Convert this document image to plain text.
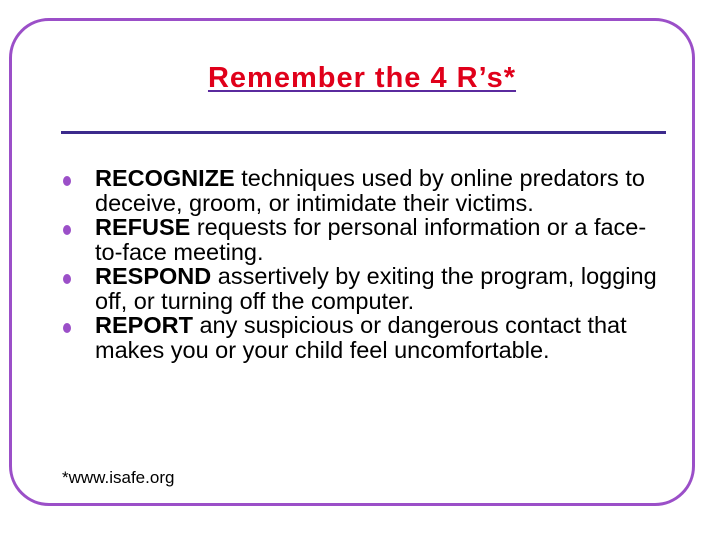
Remember the 4 R’s*
RECOGNIZE techniques used by online predators to deceive, groom, or intimidate their victims.
REFUSE requests for personal information or a face-to-face meeting.
RESPOND assertively by exiting the program, logging off, or turning off the computer.
REPORT any suspicious or dangerous contact that makes you or your child feel uncomfortable.
*www.isafe.org
